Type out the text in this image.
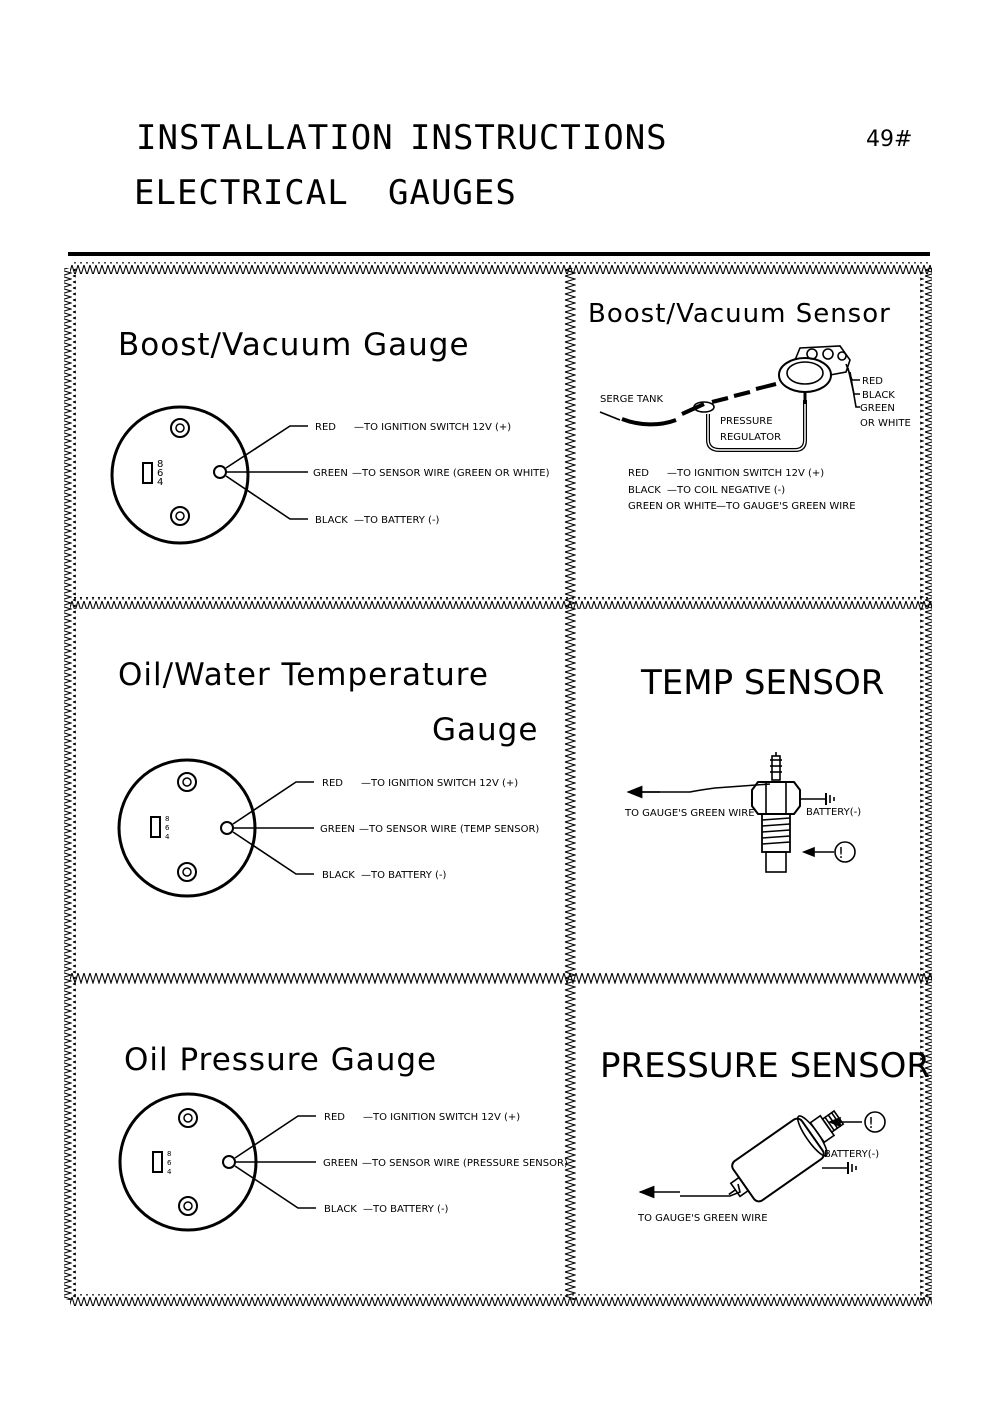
INSTALLATION INSTRUCTIONS
ELECTRICAL GAUGES
49#
Boost/Vacuum Gauge
8
6
4
RED —TO IGNITION SWITCH 12V (+)
GREEN —TO SENSOR WIRE (GREEN OR WHITE)
BLACK —TO BATTERY (-)
Boost/Vacuum Sensor
SERGE TANK
PRESSURE
REGULATOR
RED
BLACK
GREEN
OR WHITE
RED —TO IGNITION SWITCH 12V (+)
BLACK —TO COIL NEGATIVE (-)
GREEN OR WHITE —TO GAUGE'S GREEN WIRE
Oil/Water Temperature
Gauge
8
6
4
RED —TO IGNITION SWITCH 12V (+)
GREEN —TO SENSOR WIRE (TEMP SENSOR)
BLACK —TO BATTERY (-)
TEMP SENSOR
!
TO GAUGE'S GREEN WIRE	BATTERY(-)
Oil Pressure Gauge
8
6
4
RED —TO IGNITION SWITCH 12V (+)
GREEN —TO SENSOR WIRE (PRESSURE SENSOR)
BLACK —TO BATTERY (-)
PRESSURE SENSOR
!
BATTERY(-)
TO GAUGE'S GREEN WIRE
